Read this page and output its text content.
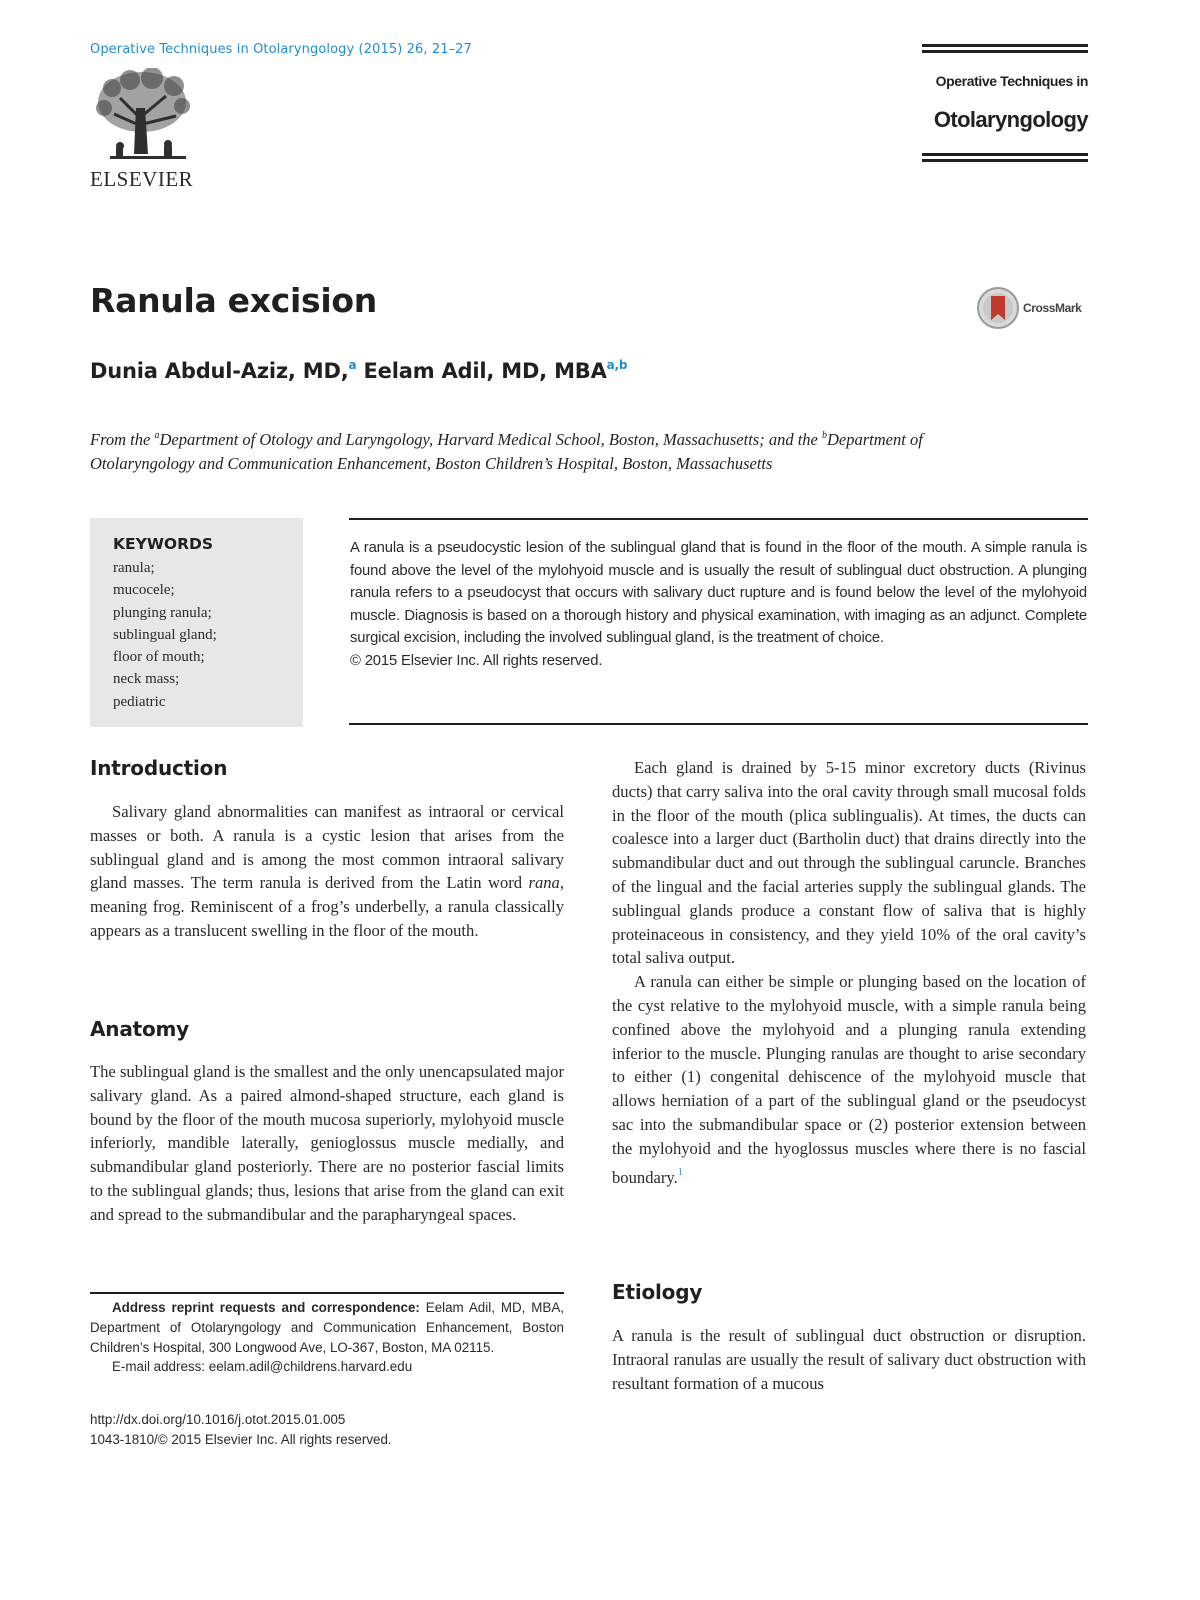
Operative Techniques in Otolaryngology (2015) 26, 21–27
ELSEVIER
Operative Techniques in
Otolaryngology
Ranula excision	CrossMark
Dunia Abdul-Aziz, MD,$^a$ Eelam Adil, MD, MBA$^{a,b}$
From the $^a$Department of Otology and Laryngology, Harvard Medical School, Boston, Massachusetts; and the $^b$Department of Otolaryngology and Communication Enhancement, Boston Children’s Hospital, Boston, Massachusetts
KEYWORDS
ranula;
mucocele;
plunging ranula;
sublingual gland;
floor of mouth;
neck mass;
pediatric

A ranula is a pseudocystic lesion of the sublingual gland that is found in the floor of the mouth. A simple ranula is found above the level of the mylohyoid muscle and is usually the result of sublingual duct obstruction. A plunging ranula refers to a pseudocyst that occurs with salivary duct rupture and is found below the level of the mylohyoid muscle. Diagnosis is based on a thorough history and physical examination, with imaging as an adjunct. Complete surgical excision, including the involved sublingual gland, is the treatment of choice.

© 2015 Elsevier Inc. All rights reserved.

Introduction

Salivary gland abnormalities can manifest as intraoral or cervical masses or both. A ranula is a cystic lesion that arises from the sublingual gland and is among the most common intraoral salivary gland masses. The term ranula is derived from the Latin word rana, meaning frog. Reminiscent of a frog’s underbelly, a ranula classically appears as a translucent swelling in the floor of the mouth.

Anatomy

The sublingual gland is the smallest and the only unencapsulated major salivary gland. As a paired almond-shaped structure, each gland is bound by the floor of the mouth mucosa superiorly, mylohyoid muscle inferiorly, mandible laterally, genioglossus muscle medially, and submandibular gland posteriorly. There are no posterior fascial limits to the sublingual glands; thus, lesions that arise from the gland can exit and spread to the submandibular and the parapharyngeal spaces.

Address reprint requests and correspondence: Eelam Adil, MD, MBA, Department of Otolaryngology and Communication Enhancement, Boston Children’s Hospital, 300 Longwood Ave, LO-367, Boston, MA 02115.

E-mail address: eelam.adil@childrens.harvard.edu

http://dx.doi.org/10.1016/j.otot.2015.01.005
1043-1810/© 2015 Elsevier Inc. All rights reserved.

Each gland is drained by 5-15 minor excretory ducts (Rivinus ducts) that carry saliva into the oral cavity through small mucosal folds in the floor of the mouth (plica sublingualis). At times, the ducts can coalesce into a larger duct (Bartholin duct) that drains directly into the submandibular duct and out through the sublingual caruncle. Branches of the lingual and the facial arteries supply the sublingual glands. The sublingual glands produce a constant flow of saliva that is highly proteinaceous in consistency, and they yield 10% of the oral cavity’s total saliva output.

A ranula can either be simple or plunging based on the location of the cyst relative to the mylohyoid muscle, with a simple ranula being confined above the mylohyoid and a plunging ranula extending inferior to the muscle. Plunging ranulas are thought to arise secondary to either (1) congenital dehiscence of the mylohyoid muscle that allows herniation of a part of the sublingual gland or the pseudocyst sac into the submandibular space or (2) posterior extension between the mylohyoid and the hyoglossus muscles where there is no fascial boundary.$^1$

Etiology

A ranula is the result of sublingual duct obstruction or disruption. Intraoral ranulas are usually the result of salivary duct obstruction with resultant formation of a mucous
